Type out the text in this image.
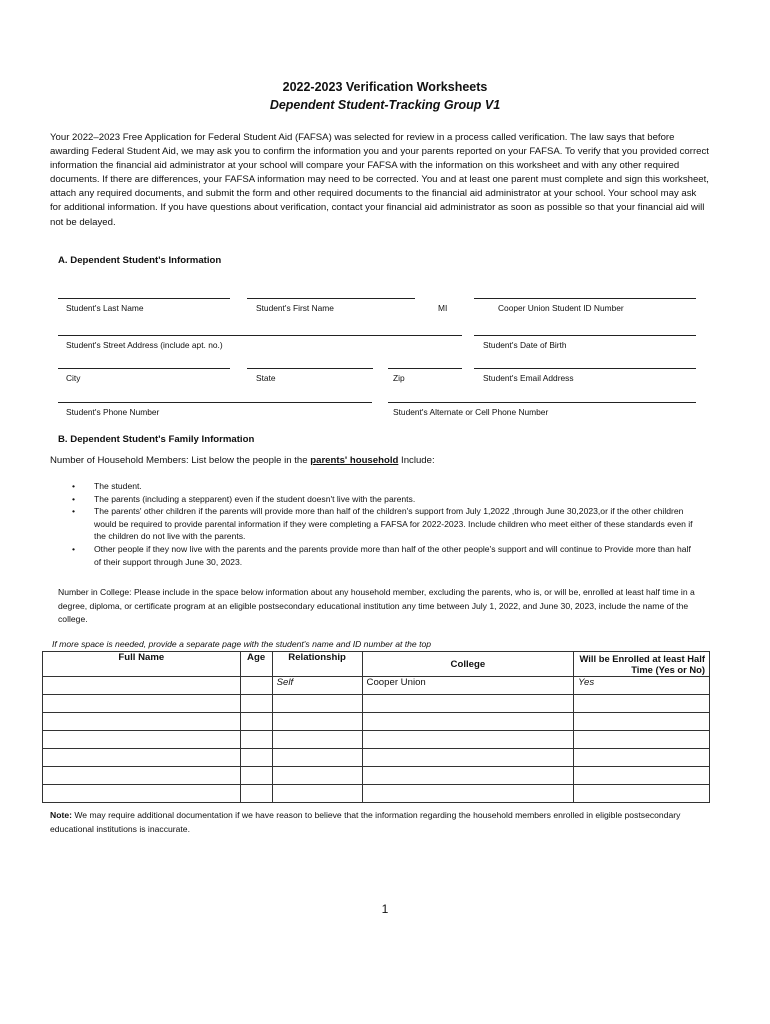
2022-2023 Verification Worksheets
Dependent Student-Tracking Group V1
Your 2022–2023 Free Application for Federal Student Aid (FAFSA) was selected for review in a process called verification. The law says that before awarding Federal Student Aid, we may ask you to confirm the information you and your parents reported on your FAFSA. To verify that you provided correct information the financial aid administrator at your school will compare your FAFSA with the information on this worksheet and with any other required documents. If there are differences, your FAFSA information may need to be corrected. You and at least one parent must complete and sign this worksheet, attach any required documents, and submit the form and other required documents to the financial aid administrator at your school. Your school may ask for additional information. If you have questions about verification, contact your financial aid administrator as soon as possible so that your financial aid will not be delayed.
A. Dependent Student's Information
Student's Last Name	Student's First Name	MI	Cooper Union Student ID Number
Student's Street Address (include apt. no.)	Student's Date of Birth
City	State	Zip	Student's Email Address
Student's Phone Number	Student's Alternate or Cell Phone Number
B. Dependent Student's Family Information
Number of Household Members: List below the people in the parents' household Include:
• The student.
• The parents (including a stepparent) even if the student doesn't live with the parents.
• The parents' other children if the parents will provide more than half of the children's support from July 1,2022 ,through June 30,2023,or if the other children would be required to provide parental information if they were completing a FAFSA for 2022-2023. Include children who meet either of these standards even if the children do not live with the parents.
• Other people if they now live with the parents and the parents provide more than half of the other people's support and will continue to Provide more than half of their support through June 30, 2023.
Number in College: Please include in the space below information about any household member, excluding the parents, who is, or will be, enrolled at least half time in a degree, diploma, or certificate program at an eligible postsecondary educational institution any time between July 1, 2022, and June 30, 2023, include the name of the college.
If more space is needed, provide a separate page with the student's name and ID number at the top
Full Name	Age	Relationship	College	Will be Enrolled at least Half Time (Yes or No)
		Self	Cooper Union	Yes

Note: We may require additional documentation if we have reason to believe that the information regarding the household members enrolled in eligible postsecondary educational institutions is inaccurate.
1
